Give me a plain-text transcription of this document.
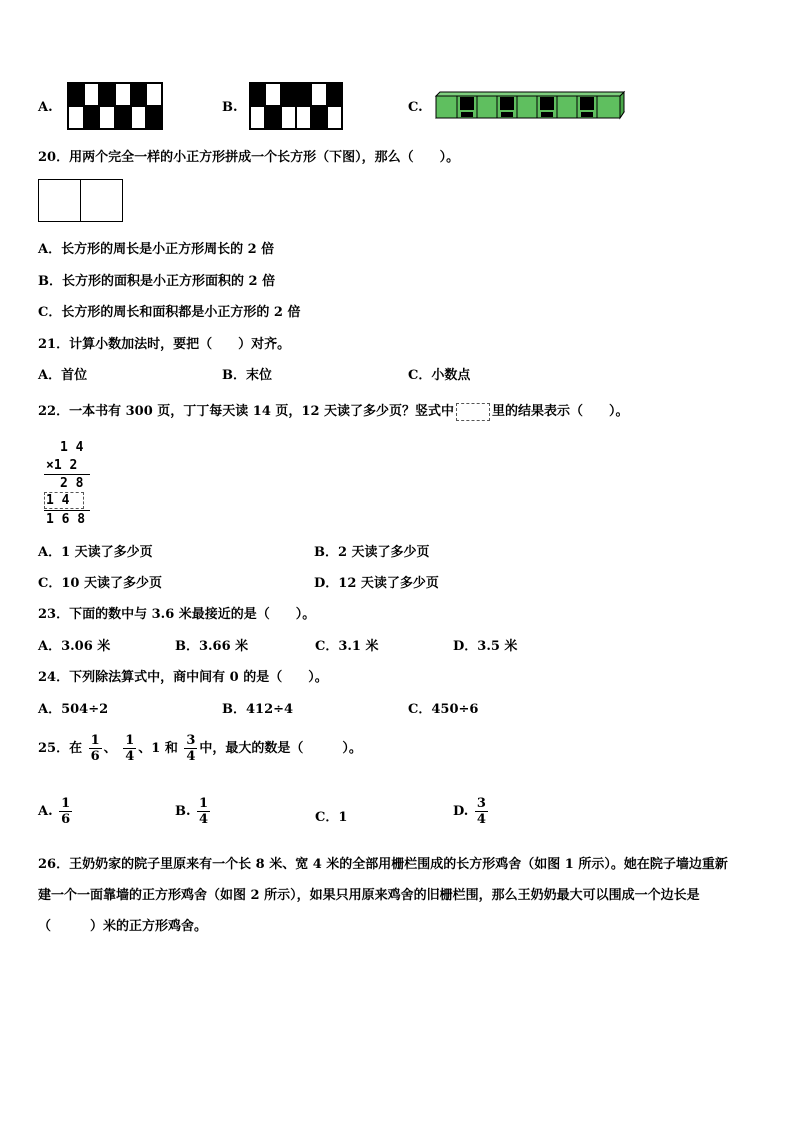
A.	B.	C.
20．用两个完全一样的小正方形拼成一个长方形（下图），那么（　　）。
A．长方形的周长是小正方形周长的 2 倍
B．长方形的面积是小正方形面积的 2 倍
C．长方形的周长和面积都是小正方形的 2 倍
21．计算小数加法时，要把（　　）对齐。
A．首位	B．末位	C．小数点
22．一本书有 300 页，丁丁每天读 14 页，12 天读了多少页？竖式中	里的结果表示（　　）。
1 4
×1 2
2 8
1 4
1 6 8
A．1 天读了多少页	B．2 天读了多少页
C．10 天读了多少页	D．12 天读了多少页
23．下面的数中与 3.6 米最接近的是（　　）。
A．3.06 米	B．3.66 米	C．3.1 米	D．3.5 米
24．下列除法算式中，商中间有 0 的是（　　）。
A．504÷2	B．412÷4	C．450÷6
25．在 $\frac{1}{6}$ 、 $\frac{1}{4}$ 、1 和 $\frac{3}{4}$ 中，最大的数是（　　　）。
A. $\frac{1}{6}$	B. $\frac{1}{4}$	C．1	D. $\frac{3}{4}$
26．王奶奶家的院子里原来有一个长 8 米、宽 4 米的全部用栅栏围成的长方形鸡舍（如图 1 所示）。她在院子墙边重新
建一个一面靠墙的正方形鸡舍（如图 2 所示），如果只用原来鸡舍的旧栅栏围，那么王奶奶最大可以围成一个边长是
（　　　）米的正方形鸡舍。
